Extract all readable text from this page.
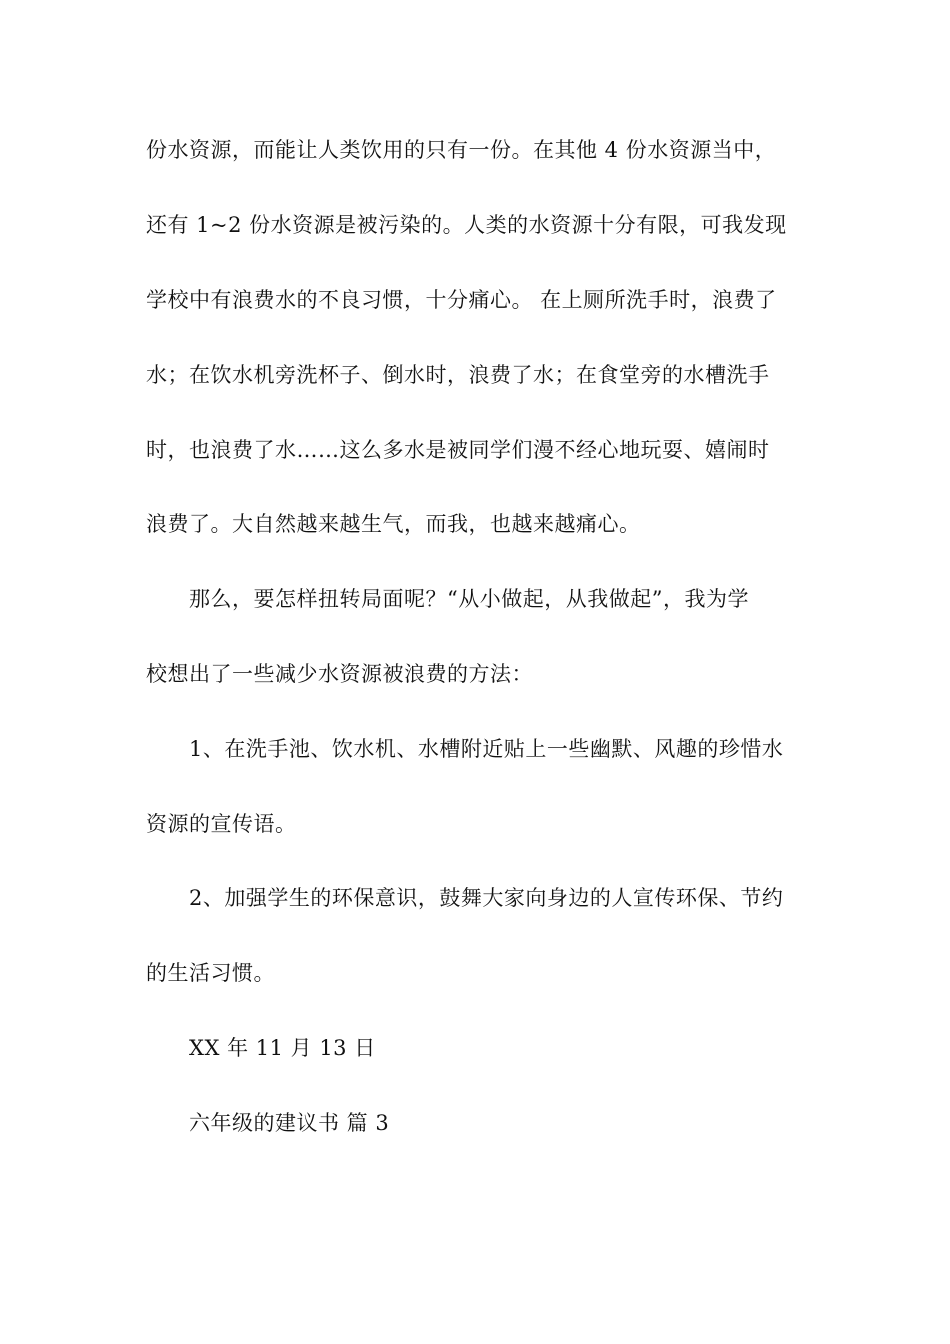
份水资源，而能让人类饮用的只有一份。在其他 4 份水资源当中，
还有 1~2 份水资源是被污染的。人类的水资源十分有限，可我发现
学校中有浪费水的不良习惯，十分痛心。 在上厕所洗手时，浪费了
水；在饮水机旁洗杯子、倒水时，浪费了水；在食堂旁的水槽洗手
时，也浪费了水……这么多水是被同学们漫不经心地玩耍、嬉闹时
浪费了。大自然越来越生气，而我，也越来越痛心。
那么，要怎样扭转局面呢？“从小做起，从我做起”，我为学
校想出了一些减少水资源被浪费的方法：
1、在洗手池、饮水机、水槽附近贴上一些幽默、风趣的珍惜水
资源的宣传语。
2、加强学生的环保意识，鼓舞大家向身边的人宣传环保、节约
的生活习惯。
XX 年 11 月 13 日
六年级的建议书 篇 3
